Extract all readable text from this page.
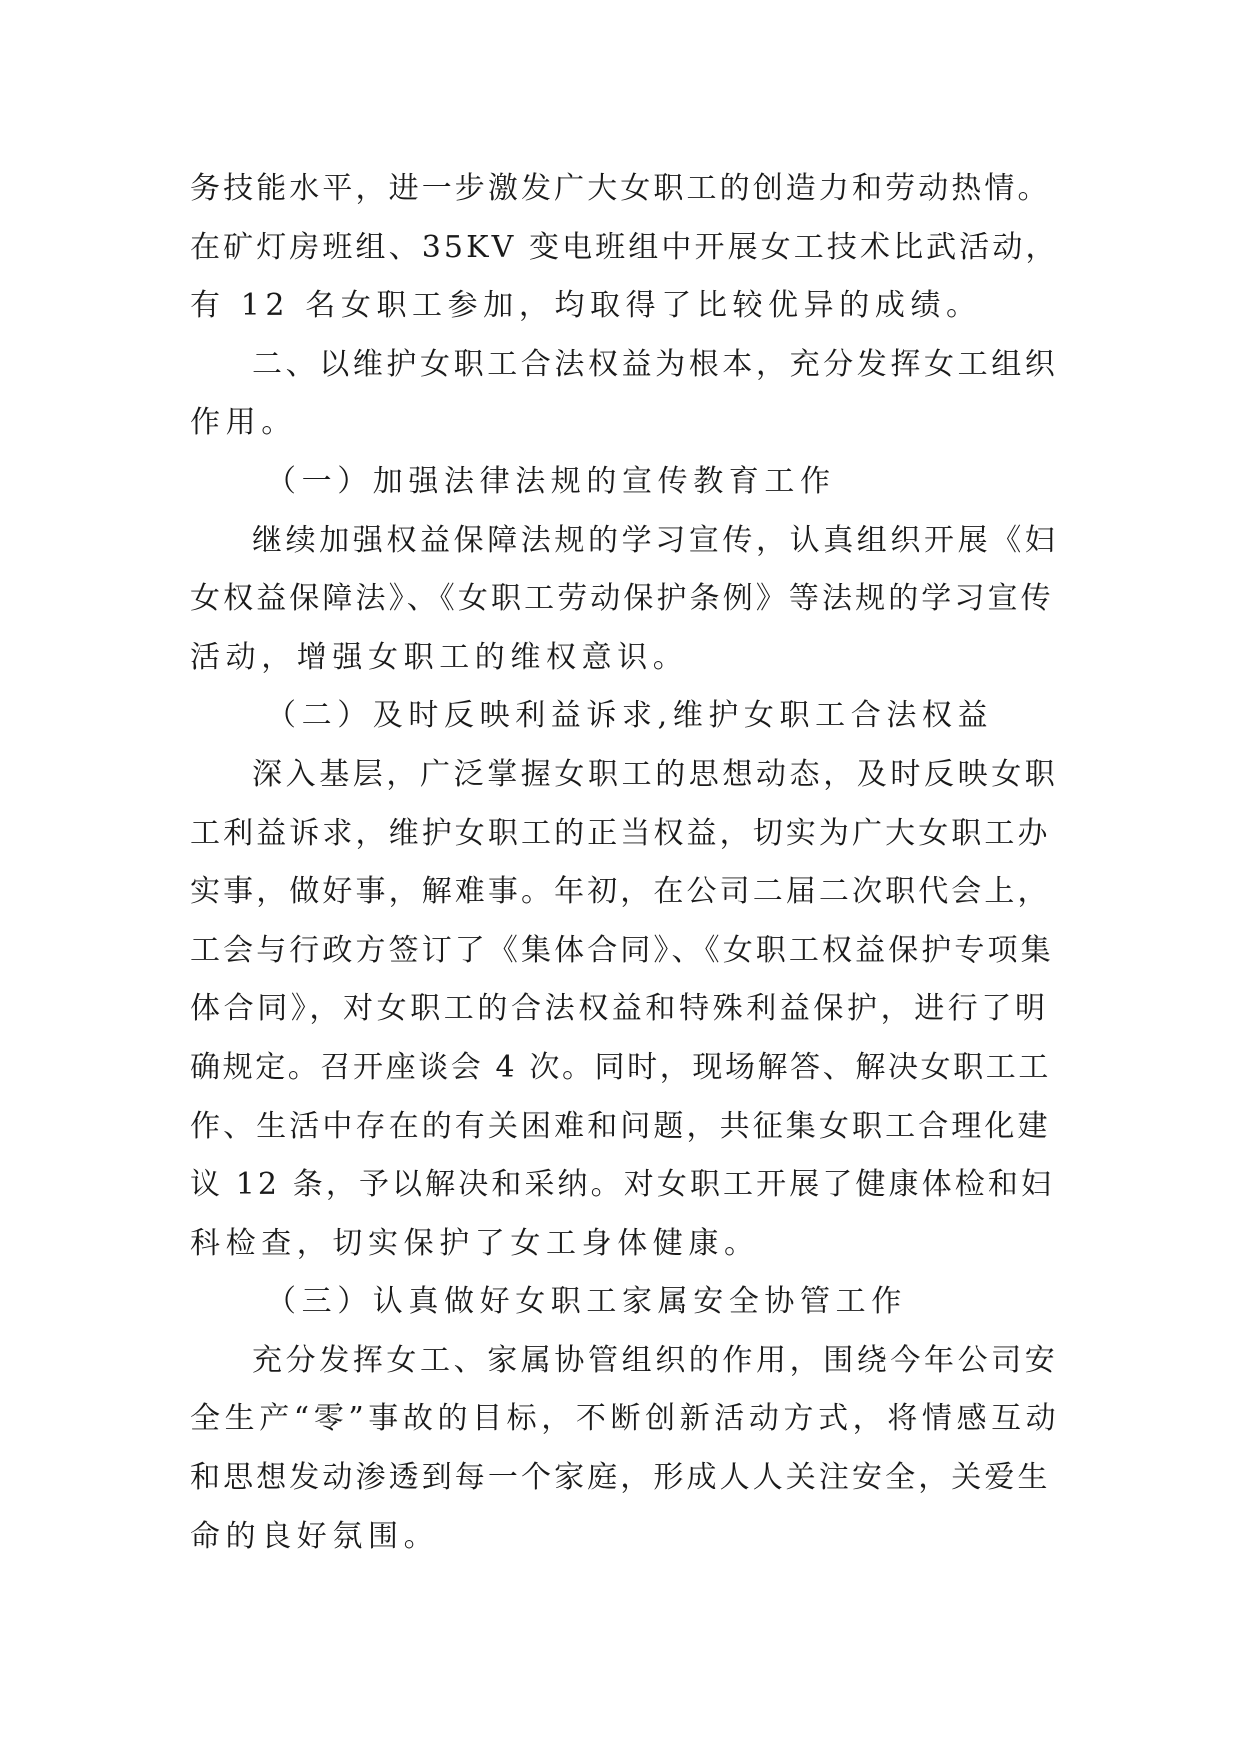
务技能水平，进一步激发广大女职工的创造力和劳动热情。
在矿灯房班组、35KV 变电班组中开展女工技术比武活动，
有 12 名女职工参加，均取得了比较优异的成绩。
二、以维护女职工合法权益为根本，充分发挥女工组织
作用。
（一）加强法律法规的宣传教育工作
继续加强权益保障法规的学习宣传，认真组织开展《妇
女权益保障法》、《女职工劳动保护条例》等法规的学习宣传
活动，增强女职工的维权意识。
（二）及时反映利益诉求,维护女职工合法权益
深入基层，广泛掌握女职工的思想动态，及时反映女职
工利益诉求，维护女职工的正当权益，切实为广大女职工办
实事，做好事，解难事。年初，在公司二届二次职代会上，
工会与行政方签订了《集体合同》、《女职工权益保护专项集
体合同》，对女职工的合法权益和特殊利益保护，进行了明
确规定。召开座谈会 4 次。同时，现场解答、解决女职工工
作、生活中存在的有关困难和问题，共征集女职工合理化建
议 12 条，予以解决和采纳。对女职工开展了健康体检和妇
科检查，切实保护了女工身体健康。
（三）认真做好女职工家属安全协管工作
充分发挥女工、家属协管组织的作用，围绕今年公司安
全生产“零”事故的目标，不断创新活动方式，将情感互动
和思想发动渗透到每一个家庭，形成人人关注安全，关爱生
命的良好氛围。
